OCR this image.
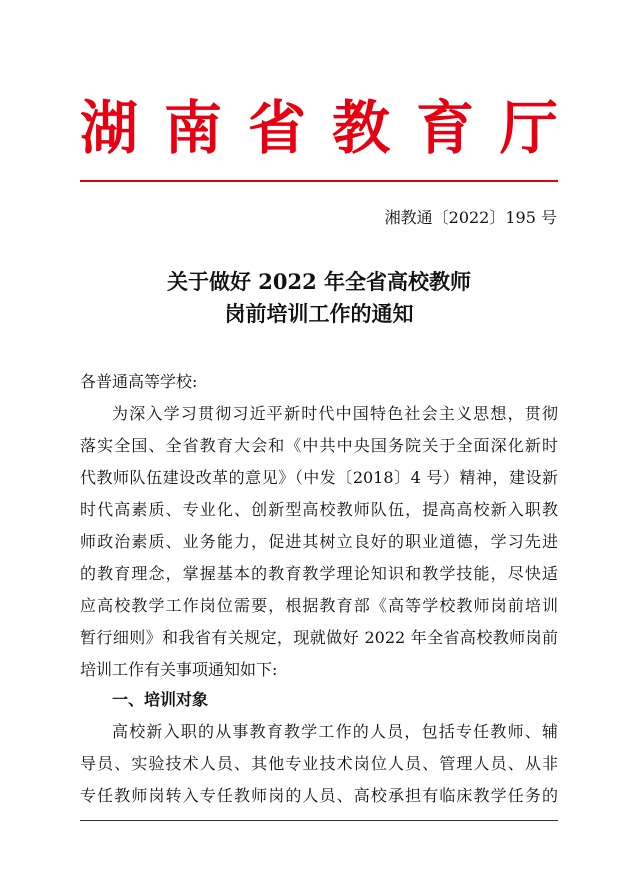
湖 南 省 教 育 厅
湘教通〔2022〕195 号
关于做好 2022 年全省高校教师
岗前培训工作的通知
各普通高等学校:
为深入学习贯彻习近平新时代中国特色社会主义思想，贯彻
落实全国、全省教育大会和《中共中央国务院关于全面深化新时
代教师队伍建设改革的意见》（中发〔2018〕4 号）精神，建设新
时代高素质、专业化、创新型高校教师队伍，提高高校新入职教
师政治素质、业务能力，促进其树立良好的职业道德，学习先进
的教育理念，掌握基本的教育教学理论知识和教学技能，尽快适
应高校教学工作岗位需要，根据教育部《高等学校教师岗前培训
暂行细则》和我省有关规定，现就做好 2022 年全省高校教师岗前
培训工作有关事项通知如下:
一、培训对象
高校新入职的从事教育教学工作的人员，包括专任教师、辅
导员、实验技术人员、其他专业技术岗位人员、管理人员、从非
专任教师岗转入专任教师岗的人员、高校承担有临床教学任务的
